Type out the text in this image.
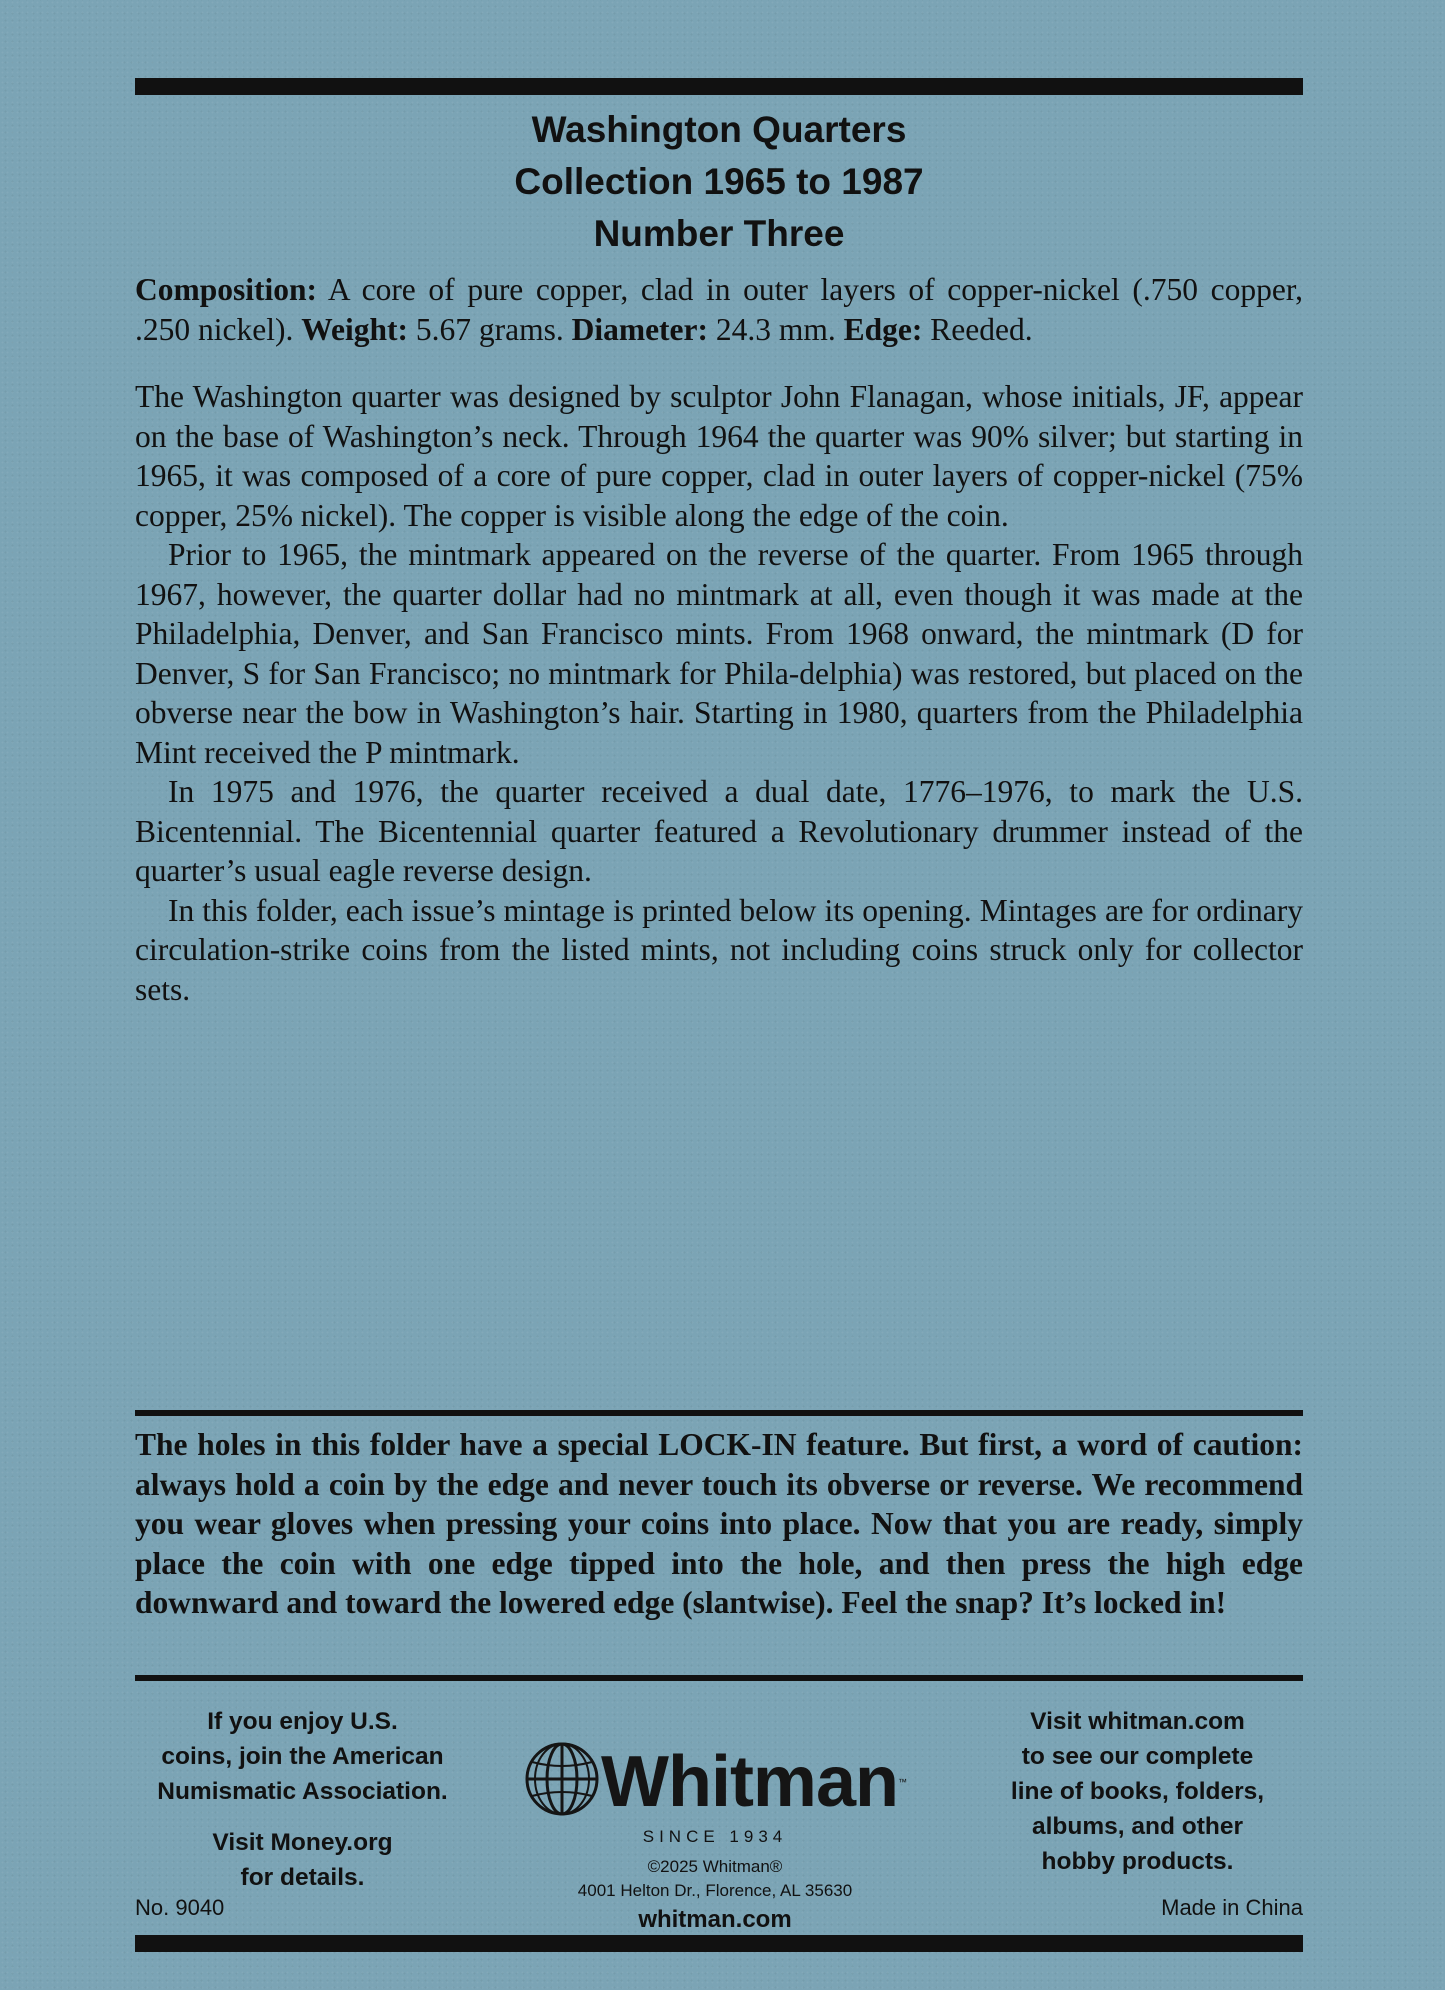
Washington Quarters
Collection 1965 to 1987
Number Three
Composition: A core of pure copper, clad in outer layers of copper-nickel (.750 copper, .250 nickel). Weight: 5.67 grams. Diameter: 24.3 mm. Edge: Reeded.

The Washington quarter was designed by sculptor John Flanagan, whose initials, JF, appear on the base of Washington’s neck. Through 1964 the quarter was 90% silver; but starting in 1965, it was composed of a core of pure copper, clad in outer layers of copper-nickel (75% copper, 25% nickel). The copper is visible along the edge of the coin.

Prior to 1965, the mintmark appeared on the reverse of the quarter. From 1965 through 1967, however, the quarter dollar had no mintmark at all, even though it was made at the Philadelphia, Denver, and San Francisco mints. From 1968 onward, the mintmark (D for Denver, S for San Francisco; no mintmark for Phila-delphia) was restored, but placed on the obverse near the bow in Washington’s hair. Starting in 1980, quarters from the Philadelphia Mint received the P mintmark.

In 1975 and 1976, the quarter received a dual date, 1776–1976, to mark the U.S. Bicentennial. The Bicentennial quarter featured a Revolutionary drummer instead of the quarter’s usual eagle reverse design.

In this folder, each issue’s mintage is printed below its opening. Mintages are for ordinary circulation-strike coins from the listed mints, not including coins struck only for collector sets.

The holes in this folder have a special LOCK-IN feature. But first, a word of caution: always hold a coin by the edge and never touch its obverse or reverse. We recommend you wear gloves when pressing your coins into place. Now that you are ready, simply place the coin with one edge tipped into the hole, and then press the high edge downward and toward the lowered edge (slantwise). Feel the snap? It’s locked in!

If you enjoy U.S.
coins, join the American
Numismatic Association.

Visit Money.org
for details.

Whitman ™
SINCE 1934
©2025 Whitman®
4001 Helton Dr., Florence, AL 35630
whitman.com
Visit whitman.com
to see our complete
line of books, folders,
albums, and other
hobby products.
No. 9040	Made in China
